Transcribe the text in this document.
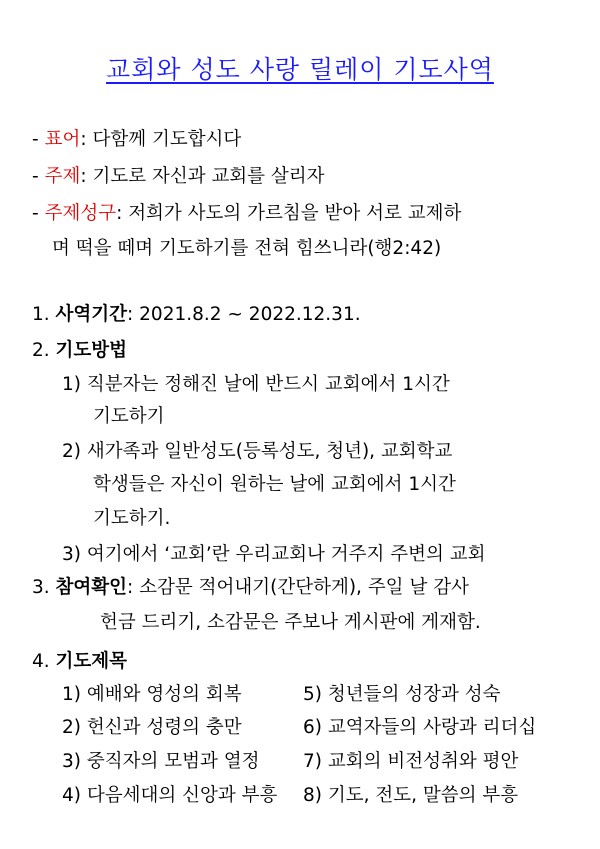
교회와 성도 사랑 릴레이 기도사역
- 표어: 다함께 기도합시다
- 주제: 기도로 자신과 교회를 살리자
- 주제성구: 저희가 사도의 가르침을 받아 서로 교제하
며 떡을 떼며 기도하기를 전혀 힘쓰니라(행2:42)
1. 사역기간: 2021.8.2 ~ 2022.12.31.
2. 기도방법
1) 직분자는 정해진 날에 반드시 교회에서 1시간
기도하기
2) 새가족과 일반성도(등록성도, 청년), 교회학교
학생들은 자신이 원하는 날에 교회에서 1시간
기도하기.
3) 여기에서 ‘교회’란 우리교회나 거주지 주변의 교회
3. 참여확인: 소감문 적어내기(간단하게), 주일 날 감사
헌금 드리기, 소감문은 주보나 게시판에 게재함.
4. 기도제목
1) 예배와 영성의 회복
2) 헌신과 성령의 충만
3) 중직자의 모범과 열정
4) 다음세대의 신앙과 부흥
5) 청년들의 성장과 성숙
6) 교역자들의 사랑과 리더십
7) 교회의 비전성취와 평안
8) 기도, 전도, 말씀의 부흥
